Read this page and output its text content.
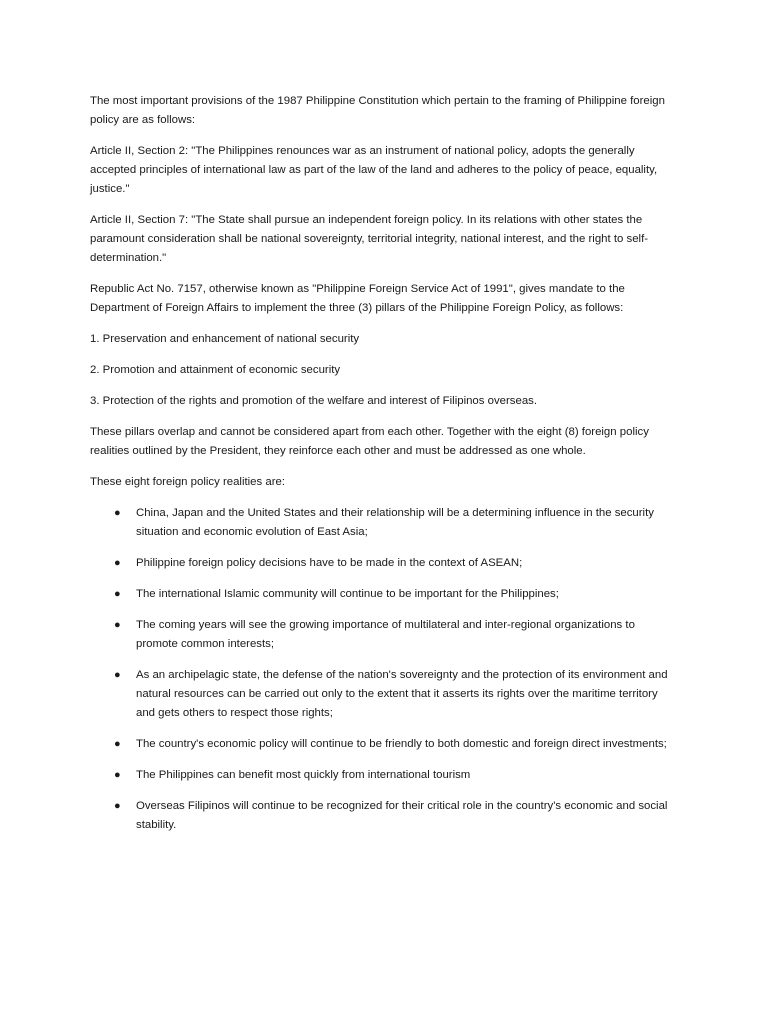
The most important provisions of the 1987 Philippine Constitution which pertain to the framing of Philippine foreign policy are as follows:

Article II, Section 2: "The Philippines renounces war as an instrument of national policy, adopts the generally accepted principles of international law as part of the law of the land and adheres to the policy of peace, equality, justice."

Article II, Section 7: "The State shall pursue an independent foreign policy. In its relations with other states the paramount consideration shall be national sovereignty, territorial integrity, national interest, and the right to self-determination."

Republic Act No. 7157, otherwise known as "Philippine Foreign Service Act of 1991", gives mandate to the Department of Foreign Affairs to implement the three (3) pillars of the Philippine Foreign Policy, as follows:

1. Preservation and enhancement of national security

2. Promotion and attainment of economic security

3. Protection of the rights and promotion of the welfare and interest of Filipinos overseas.

These pillars overlap and cannot be considered apart from each other. Together with the eight (8) foreign policy realities outlined by the President, they reinforce each other and must be addressed as one whole.

These eight foreign policy realities are:

● China, Japan and the United States and their relationship will be a determining influence in the security situation and economic evolution of East Asia;
● Philippine foreign policy decisions have to be made in the context of ASEAN;
● The international Islamic community will continue to be important for the Philippines;
● The coming years will see the growing importance of multilateral and inter-regional organizations to promote common interests;
● As an archipelagic state, the defense of the nation's sovereignty and the protection of its environment and natural resources can be carried out only to the extent that it asserts its rights over the maritime territory and gets others to respect those rights;
● The country's economic policy will continue to be friendly to both domestic and foreign direct investments;
● The Philippines can benefit most quickly from international tourism
● Overseas Filipinos will continue to be recognized for their critical role in the country's economic and social stability.
